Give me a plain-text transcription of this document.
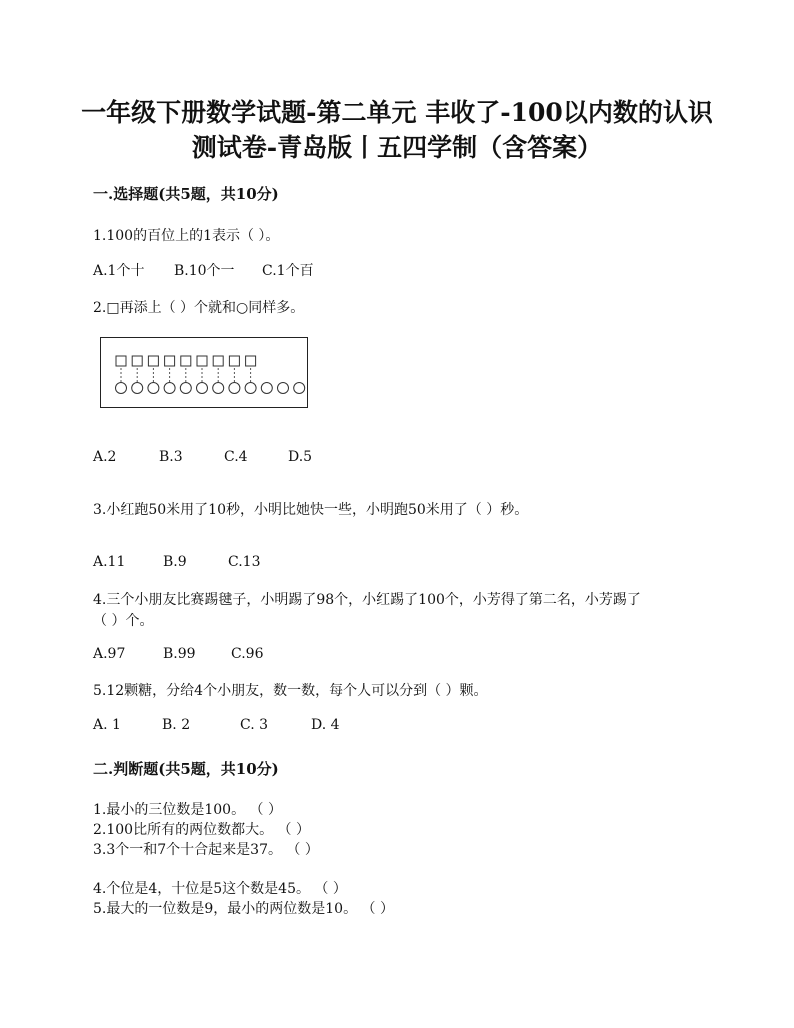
一年级下册数学试题-第二单元 丰收了-100以内数的认识
测试卷-青岛版丨五四学制（含答案）
一.选择题(共5题，共10分)
1.100的百位上的1表示（ ）。
A.1个十 B.10个一 C.1个百
2.□再添上（ ）个就和○同样多。
A.2	B.3	C.4	D.5
3.小红跑50米用了10秒，小明比她快一些，小明跑50米用了（ ）秒。
A.11	B.9	C.13
4.三个小朋友比赛踢毽子，小明踢了98个，小红踢了100个，小芳得了第二名，小芳踢了
（ ）个。
A.97	B.99	C.96
5.12颗糖，分给4个小朋友，数一数，每个人可以分到（ ）颗。
A. 1	B. 2	C. 3	D. 4
二.判断题(共5题，共10分)
1.最小的三位数是100。 （ ）
2.100比所有的两位数都大。 （ ）
3.3个一和7个十合起来是37。 （ ）
4.个位是4，十位是5这个数是45。 （ ）
5.最大的一位数是9，最小的两位数是10。 （ ）
